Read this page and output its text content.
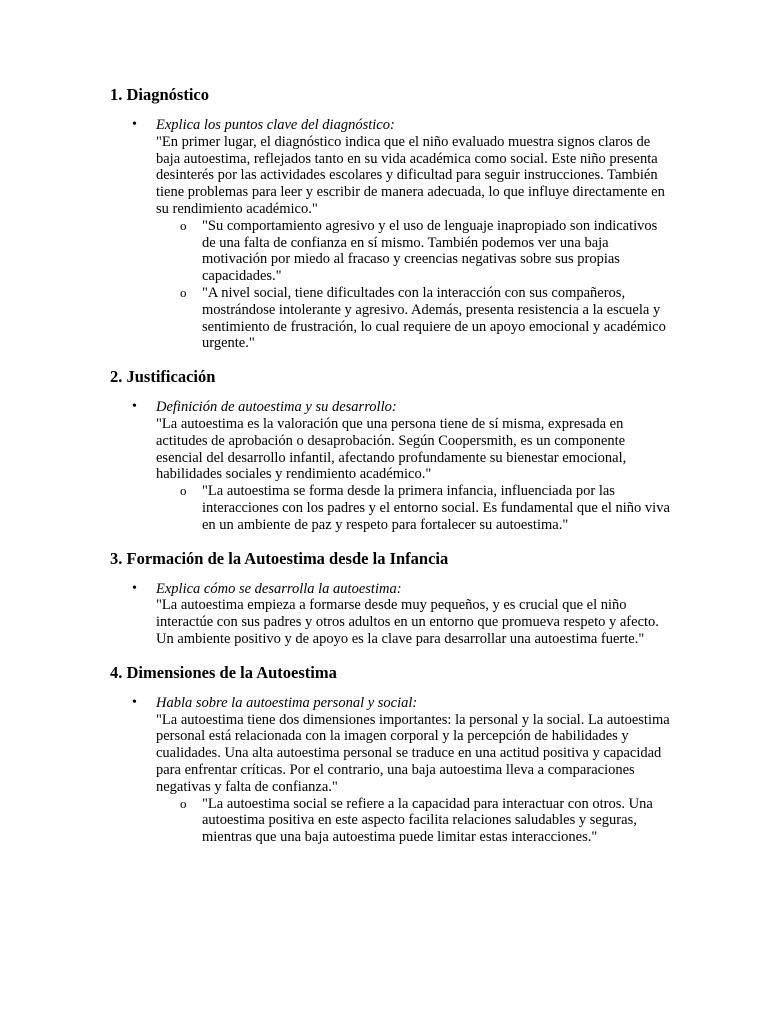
1. Diagnóstico
• Explica los puntos clave del diagnóstico:
"En primer lugar, el diagnóstico indica que el niño evaluado muestra signos claros de baja autoestima, reflejados tanto en su vida académica como social. Este niño presenta desinterés por las actividades escolares y dificultad para seguir instrucciones. También tiene problemas para leer y escribir de manera adecuada, lo que influye directamente en su rendimiento académico."
o "Su comportamiento agresivo y el uso de lenguaje inapropiado son indicativos de una falta de confianza en sí mismo. También podemos ver una baja motivación por miedo al fracaso y creencias negativas sobre sus propias capacidades."
o "A nivel social, tiene dificultades con la interacción con sus compañeros, mostrándose intolerante y agresivo. Además, presenta resistencia a la escuela y sentimiento de frustración, lo cual requiere de un apoyo emocional y académico urgente."
2. Justificación
• Definición de autoestima y su desarrollo:
"La autoestima es la valoración que una persona tiene de sí misma, expresada en actitudes de aprobación o desaprobación. Según Coopersmith, es un componente esencial del desarrollo infantil, afectando profundamente su bienestar emocional, habilidades sociales y rendimiento académico."
o "La autoestima se forma desde la primera infancia, influenciada por las interacciones con los padres y el entorno social. Es fundamental que el niño viva en un ambiente de paz y respeto para fortalecer su autoestima."
3. Formación de la Autoestima desde la Infancia
• Explica cómo se desarrolla la autoestima:
"La autoestima empieza a formarse desde muy pequeños, y es crucial que el niño interactúe con sus padres y otros adultos en un entorno que promueva respeto y afecto. Un ambiente positivo y de apoyo es la clave para desarrollar una autoestima fuerte."
4. Dimensiones de la Autoestima
• Habla sobre la autoestima personal y social:
"La autoestima tiene dos dimensiones importantes: la personal y la social. La autoestima personal está relacionada con la imagen corporal y la percepción de habilidades y cualidades. Una alta autoestima personal se traduce en una actitud positiva y capacidad para enfrentar críticas. Por el contrario, una baja autoestima lleva a comparaciones negativas y falta de confianza."
o "La autoestima social se refiere a la capacidad para interactuar con otros. Una autoestima positiva en este aspecto facilita relaciones saludables y seguras, mientras que una baja autoestima puede limitar estas interacciones."
